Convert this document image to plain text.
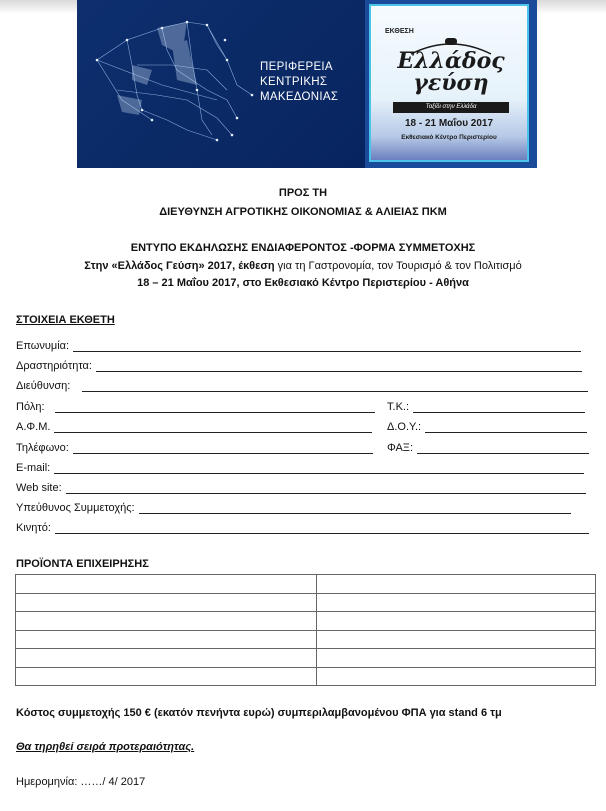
ΠΕΡΙΦΕΡΕΙΑ
ΚΕΝΤΡΙΚΗΣ
ΜΑΚΕΔΟΝΙΑΣ
ΕΚΘΕΣΗ
Ελλάδος
γεύση
Ταξίδι στην Ελλάδα
18 - 21 Μαΐου 2017
Εκθεσιακό Κέντρο Περιστερίου
ΠΡΟΣ ΤΗ
ΔΙΕΥΘΥΝΣΗ ΑΓΡΟΤΙΚΗΣ ΟΙΚΟΝΟΜΙΑΣ & ΑΛΙΕΙΑΣ ΠΚΜ
ΕΝΤΥΠΟ ΕΚΔΗΛΩΣΗΣ ΕΝΔΙΑΦΕΡΟΝΤΟΣ -ΦΟΡΜΑ ΣΥΜΜΕΤΟΧΗΣ
Στην «Ελλάδος Γεύση» 2017, έκθεση για τη Γαστρονομία, τον Τουρισμό & τον Πολιτισμό
18 – 21 Μαΐου 2017, στο Εκθεσιακό Κέντρο Περιστερίου - Αθήνα
ΣΤΟΙΧΕΙΑ ΕΚΘΕΤΗ
Επωνυμία:
Δραστηριότητα:
Διεύθυνση:
Πόλη:	Τ.Κ.:
Α.Φ.Μ.	Δ.Ο.Υ.:
Τηλέφωνο:	ΦΑΞ:
E-mail:
Web site:
Υπεύθυνος Συμμετοχής:
Κινητό:
ΠΡΟΪΟΝΤΑ ΕΠΙΧΕΙΡΗΣΗΣ

Κόστος συμμετοχής 150 € (εκατόν πενήντα ευρώ) συμπεριλαμβανομένου ΦΠΑ για stand 6 τμ
Θα τηρηθεί σειρά προτεραιότητας.
Ημερομηνία: ……/ 4/ 2017
